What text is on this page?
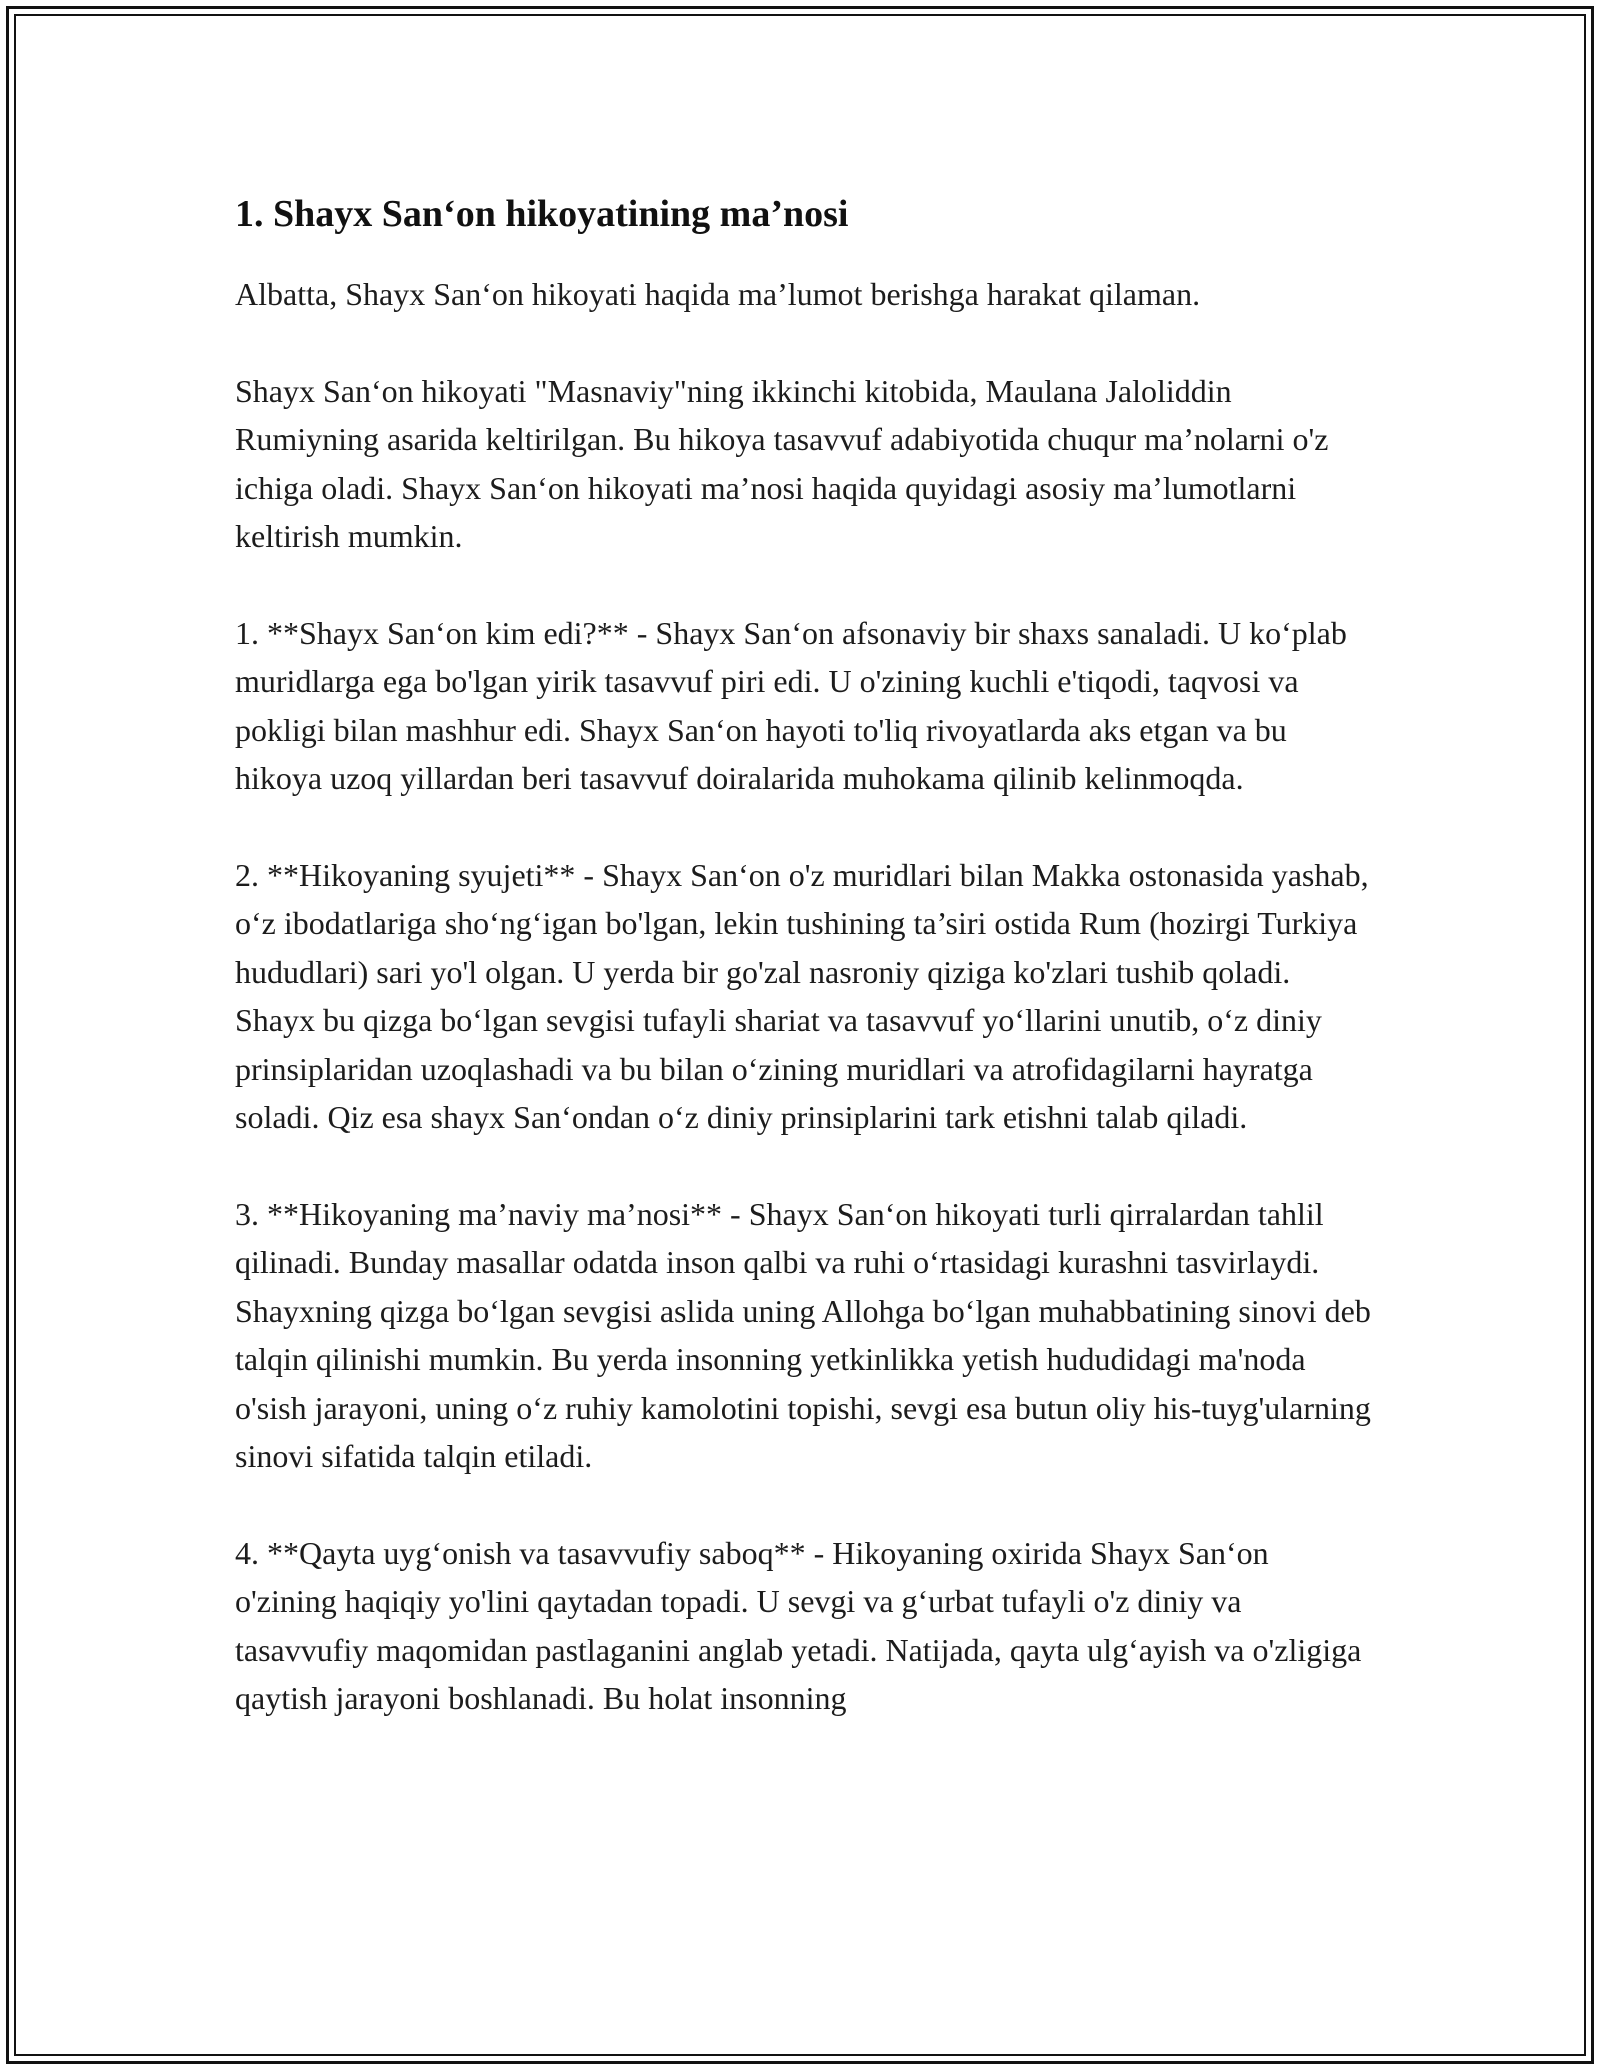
1. Shayx San‘on hikoyatining ma’nosi

Albatta, Shayx San‘on hikoyati haqida ma’lumot berishga harakat qilaman.

Shayx San‘on hikoyati "Masnaviy"ning ikkinchi kitobida, Maulana Jaloliddin Rumiyning asarida keltirilgan. Bu hikoya tasavvuf adabiyotida chuqur ma’nolarni o'z ichiga oladi. Shayx San‘on hikoyati ma’nosi haqida quyidagi asosiy ma’lumotlarni keltirish mumkin.

1. **Shayx San‘on kim edi?** - Shayx San‘on afsonaviy bir shaxs sanaladi. U ko‘plab muridlarga ega bo'lgan yirik tasavvuf piri edi. U o'zining kuchli e'tiqodi, taqvosi va pokligi bilan mashhur edi. Shayx San‘on hayoti to'liq rivoyatlarda aks etgan va bu hikoya uzoq yillardan beri tasavvuf doiralarida muhokama qilinib kelinmoqda.

2. **Hikoyaning syujeti** - Shayx San‘on o'z muridlari bilan Makka ostonasida yashab, o‘z ibodatlariga sho‘ng‘igan bo'lgan, lekin tushining ta’siri ostida Rum (hozirgi Turkiya hududlari) sari yo'l olgan. U yerda bir go'zal nasroniy qiziga ko'zlari tushib qoladi. Shayx bu qizga bo‘lgan sevgisi tufayli shariat va tasavvuf yo‘llarini unutib, o‘z diniy prinsiplaridan uzoqlashadi va bu bilan o‘zining muridlari va atrofidagilarni hayratga soladi. Qiz esa shayx San‘ondan o‘z diniy prinsiplarini tark etishni talab qiladi.

3. **Hikoyaning ma’naviy ma’nosi** - Shayx San‘on hikoyati turli qirralardan tahlil qilinadi. Bunday masallar odatda inson qalbi va ruhi o‘rtasidagi kurashni tasvirlaydi. Shayxning qizga bo‘lgan sevgisi aslida uning Allohga bo‘lgan muhabbatining sinovi deb talqin qilinishi mumkin. Bu yerda insonning yetkinlikka yetish hududidagi ma'noda o'sish jarayoni, uning o‘z ruhiy kamolotini topishi, sevgi esa butun oliy his-tuyg'ularning sinovi sifatida talqin etiladi.

4. **Qayta uyg‘onish va tasavvufiy saboq** - Hikoyaning oxirida Shayx San‘on o'zining haqiqiy yo'lini qaytadan topadi. U sevgi va g‘urbat tufayli o'z diniy va tasavvufiy maqomidan pastlaganini anglab yetadi. Natijada, qayta ulg‘ayish va o'zligiga qaytish jarayoni boshlanadi. Bu holat insonning
